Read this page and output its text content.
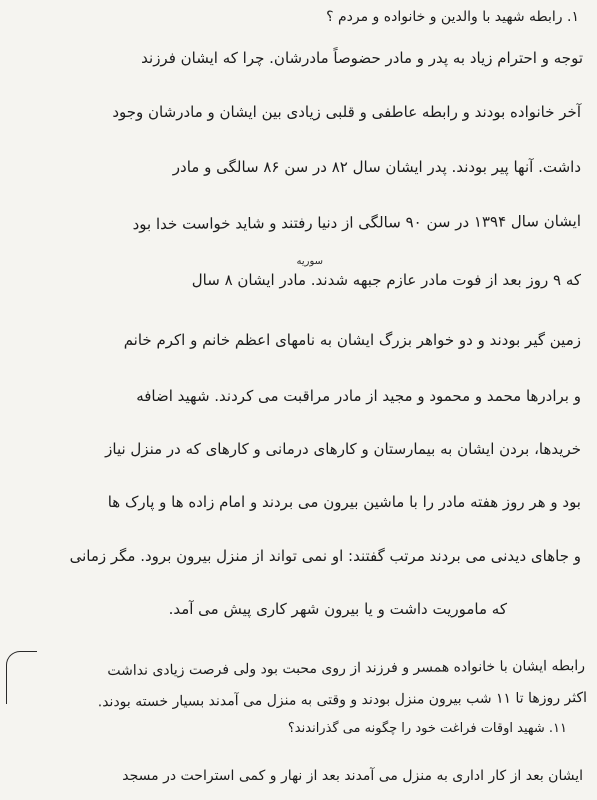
۱. رابطه شهید با والدین و خانواده و مردم ؟
توجه و احترام زیاد به پدر و مادر حضوصاً مادرشان. چرا که ایشان فرزند
آخر خانواده بودند و رابطه عاطفی و قلبی زیادی بین ایشان و مادرشان وجود
داشت. آنها پیر بودند. پدر ایشان سال ۸۲ در سن ۸۶ سالگی و مادر
ایشان سال ۱۳۹۴ در سن ۹۰ سالگی از دنیا رفتند و شاید خواست خدا بود
سوریه
که ۹ روز بعد از فوت مادر عازم جبهه شدند. مادر ایشان ۸ سال
زمین گیر بودند و دو خواهر بزرگ ایشان به نامهای اعظم خانم و اکرم خانم
و برادرها محمد و محمود و مجید از مادر مراقبت می کردند. شهید اضافه
خریدها، بردن ایشان به بیمارستان و کارهای درمانی و کارهای که در منزل نیاز
بود و هر روز هفته مادر را با ماشین بیرون می بردند و امام زاده ها و پارک ها
و جاهای دیدنی می بردند مرتب گفتند: او نمی تواند از منزل بیرون برود. مگر زمانی
که ماموریت داشت و یا بیرون شهر کاری پیش می آمد.
رابطه ایشان با خانواده همسر و فرزند از روی محبت بود ولی فرصت زیادی نداشت
اکثر روزها تا ۱۱ شب بیرون منزل بودند و وقتی به منزل می آمدند بسیار خسته بودند.
۱۱. شهید اوقات فراغت خود را چگونه می گذراندند؟
ایشان بعد از کار اداری به منزل می آمدند بعد از نهار و کمی استراحت در مسجد
